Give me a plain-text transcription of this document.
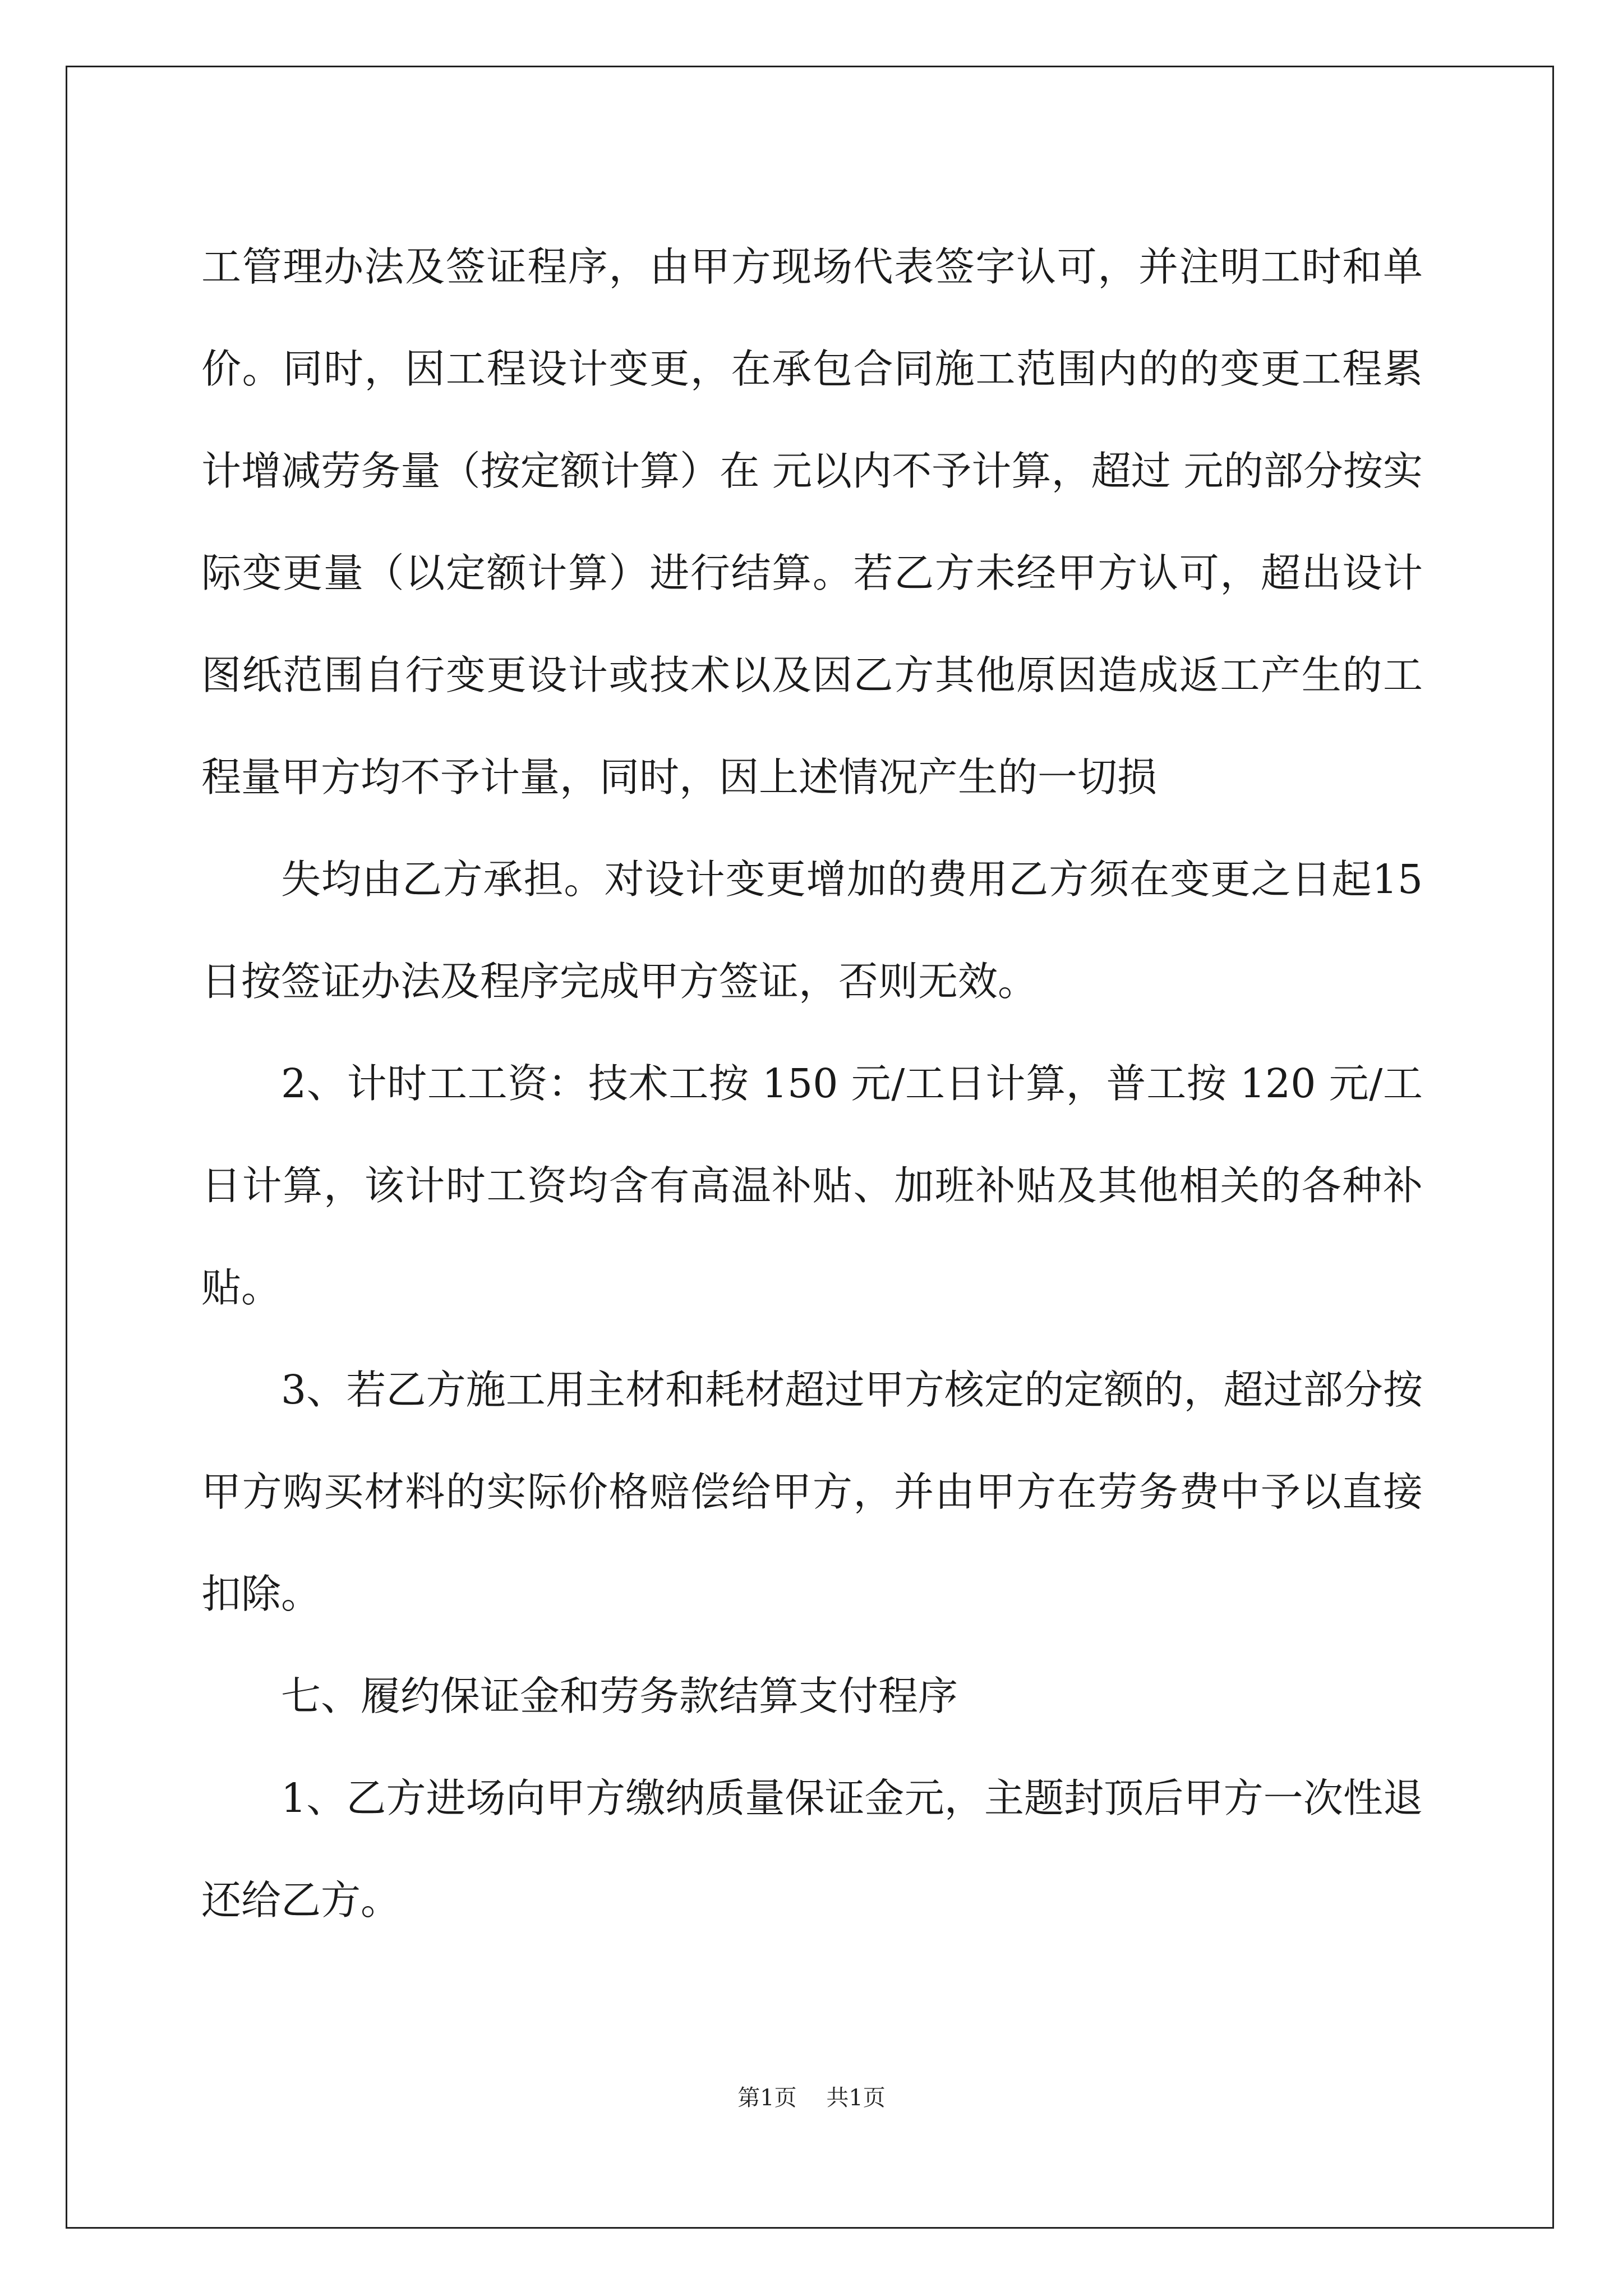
工管理办法及签证程序，由甲方现场代表签字认可，并注明工时和单价。同时，因工程设计变更，在承包合同施工范围内的的变更工程累计增减劳务量（按定额计算）在 元以内不予计算，超过 元的部分按实际变更量（以定额计算）进行结算。若乙方未经甲方认可，超出设计图纸范围自行变更设计或技术以及因乙方其他原因造成返工产生的工程量甲方均不予计量，同时，因上述情况产生的一切损

失均由乙方承担。对设计变更增加的费用乙方须在变更之日起15日按签证办法及程序完成甲方签证，否则无效。

2、计时工工资：技术工按 150 元/工日计算，普工按 120 元/工日计算，该计时工资均含有高温补贴、加班补贴及其他相关的各种补贴。

3、若乙方施工用主材和耗材超过甲方核定的定额的，超过部分按甲方购买材料的实际价格赔偿给甲方，并由甲方在劳务费中予以直接扣除。

七、履约保证金和劳务款结算支付程序

1、乙方进场向甲方缴纳质量保证金元，主题封顶后甲方一次性退还给乙方。

第1页 共1页
